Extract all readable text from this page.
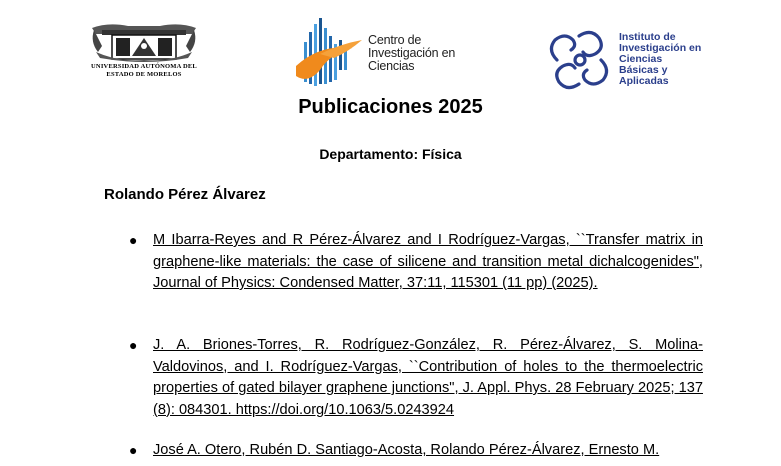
UNIVERSIDAD AUTÓNOMA DEL
ESTADO DE MORELOS
Centro de
Investigación en
Ciencias
Instituto de
Investigación en
Ciencias
Básicas y
Aplicadas
Publicaciones 2025
Departamento: Física
Rolando Pérez Álvarez
● M Ibarra-Reyes and R Pérez-Álvarez and I Rodríguez-Vargas, ``Transfer matrix in graphene-like materials: the case of silicene and transition metal dichalcogenides", Journal of Physics: Condensed Matter, 37:11, 115301 (11 pp) (2025).
● J. A. Briones-Torres, R. Rodríguez-González, R. Pérez-Álvarez, S. Molina-Valdovinos, and I. Rodríguez-Vargas, ``Contribution of holes to the thermoelectric properties of gated bilayer graphene junctions", J. Appl. Phys. 28 February 2025; 137 (8): 084301. https://doi.org/10.1063/5.0243924
● José A. Otero, Rubén D. Santiago-Acosta, Rolando Pérez-Álvarez, Ernesto M.
